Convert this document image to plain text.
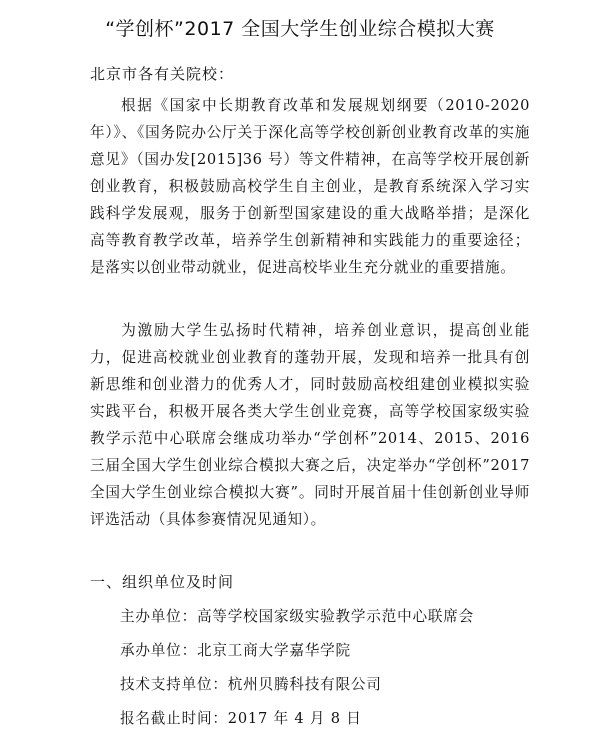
“学创杯”2017 全国大学生创业综合模拟大赛
北京市各有关院校：
根据《国家中长期教育改革和发展规划纲要（2010-2020 年）》、《国务院办公厅关于深化高等学校创新创业教育改革的实施意见》（国办发[2015]36 号）等文件精神，在高等学校开展创新创业教育，积极鼓励高校学生自主创业，是教育系统深入学习实践科学发展观，服务于创新型国家建设的重大战略举措；是深化高等教育教学改革，培养学生创新精神和实践能力的重要途径；是落实以创业带动就业，促进高校毕业生充分就业的重要措施。
为激励大学生弘扬时代精神，培养创业意识，提高创业能力，促进高校就业创业教育的蓬勃开展，发现和培养一批具有创新思维和创业潜力的优秀人才，同时鼓励高校组建创业模拟实验实践平台，积极开展各类大学生创业竞赛，高等学校国家级实验教学示范中心联席会继成功举办“学创杯”2014、2015、2016 三届全国大学生创业综合模拟大赛之后，决定举办“学创杯”2017 全国大学生创业综合模拟大赛”。同时开展首届十佳创新创业导师评选活动（具体参赛情况见通知）。
一、组织单位及时间
主办单位：高等学校国家级实验教学示范中心联席会
承办单位：北京工商大学嘉华学院
技术支持单位：杭州贝腾科技有限公司
报名截止时间：2017 年 4 月 8 日
